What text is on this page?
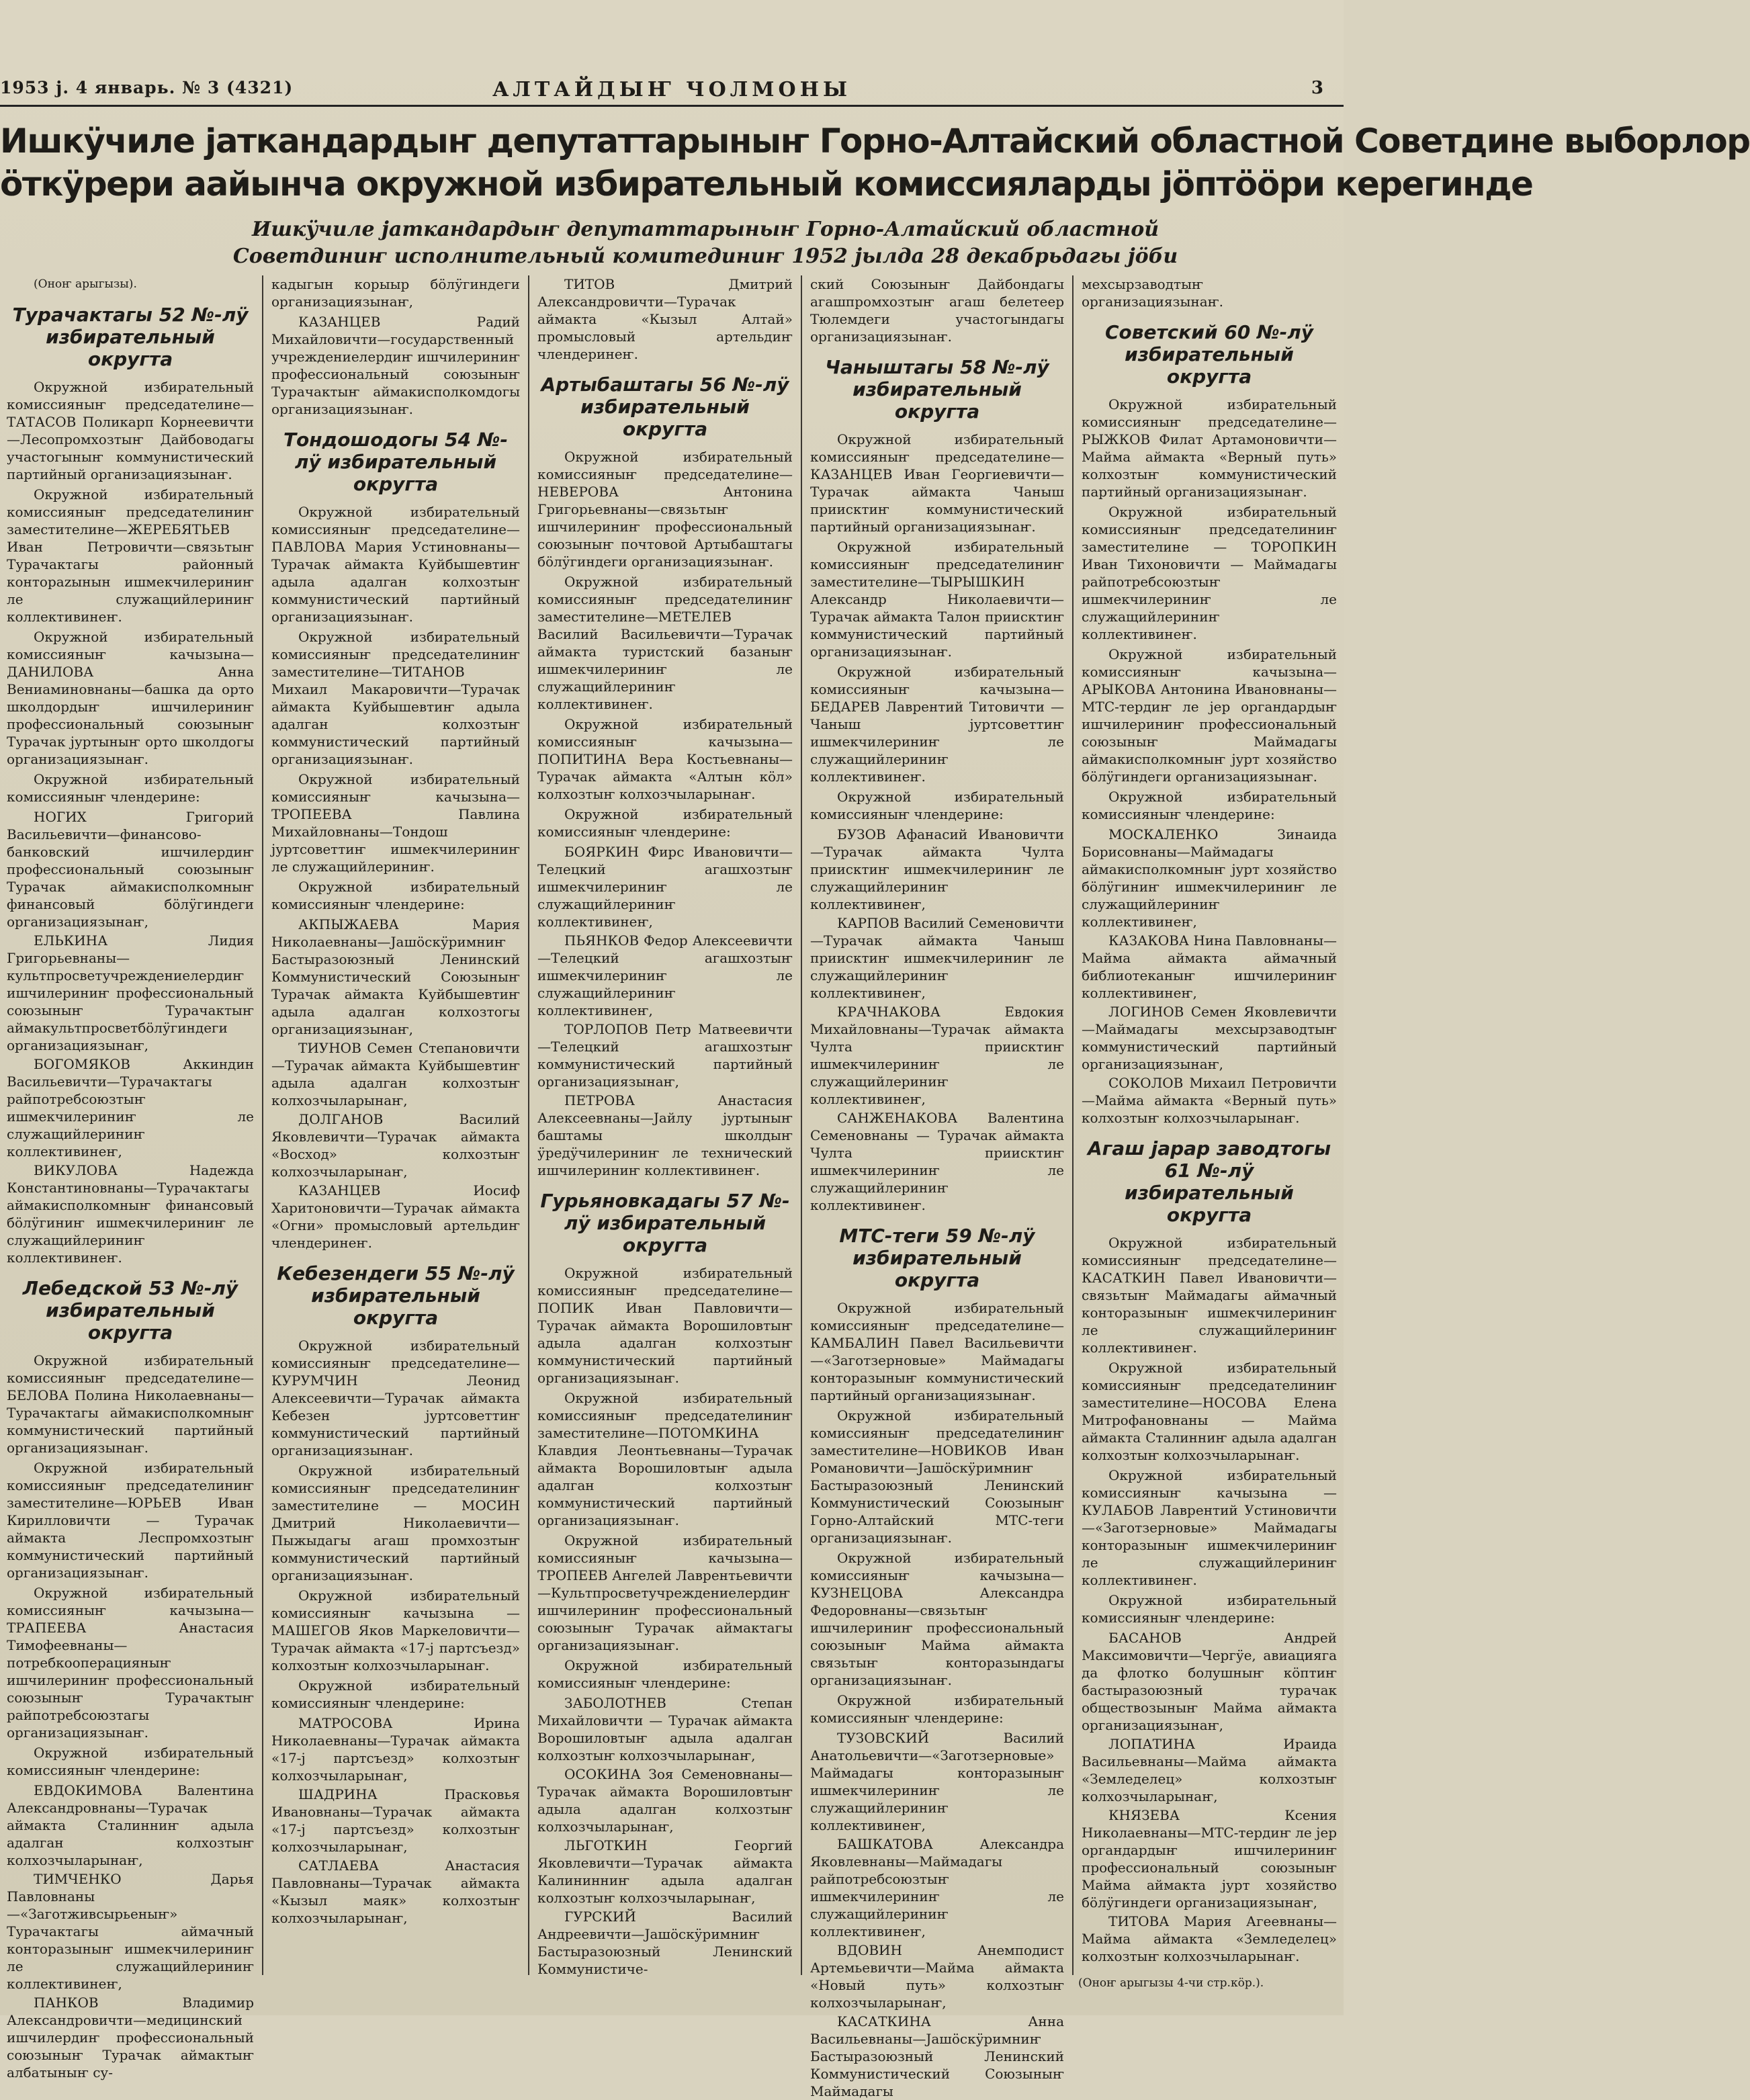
1953 ј. 4 январь. № 3 (4321)	АЛТАЙДЫҤ ЧОЛМОНЫ	3
Ишкӱчиле јаткандардыҥ депутаттарыныҥ Горно-Алтайский областной Советдине выборлор
ӧткӱрери аайынча окружной избирательный комиссияларды јӧптӧӧри керегинде
Ишкӱчиле јаткандардыҥ депутаттарыныҥ Горно-Алтайский областной Советдиниҥ исполнительный комитединиҥ 1952 јылда 28 декабрьдагы јӧби
(Оноҥ арыгызы).
Турачактагы 52 №-лӱ избирательный округта
Окружной избирательный комиссияныҥ председателине—ТАТАСОВ Поликарп Корнеевичти—Лесопромхозтыҥ Дайбоводагы участогыныҥ коммунистический партийный организациязынаҥ.
Окружной избирательный комиссияныҥ председателиниҥ заместителине—ЖЕРЕБЯТЬЕВ Иван Петровичти—связьтыҥ Турачактагы районный контораzынын ишмекчилериниҥ ле служащийлериниҥ коллективинеҥ.
Окружной избирательный комиссияныҥ качызына—ДАНИЛОВА Анна Вениаминовнаны—башка да орто школдордыҥ ишчилериниҥ профессиональный союзыныҥ Турачак јуртыныҥ орто школдогы организациязынаҥ.
Окружной избирательный комиссияныҥ члендерине:
НОГИХ Григорий Васильевичти—финансово-банковский ишчилердиҥ профессиональный союзыныҥ Турачак аймакисполкомныҥ финансовый бӧлӱгиндеги организациязынаҥ,
ЕЛЬКИНА Лидия Григорьевнаны—культпросветучреждениелердиҥ ишчилериниҥ профессиональный союзыныҥ Турачактыҥ аймакультпросветбӧлӱгиндеги организациязынаҥ,
БОГОМЯКОВ Аккиндин Васильевичти—Турачактагы райпотребсоюзтыҥ ишмекчилериниҥ ле служащийлериниҥ коллективинеҥ,
ВИКУЛОВА Надежда Константиновнаны—Турачактагы аймакисполкомныҥ финансовый бӧлӱгиниҥ ишмекчилериниҥ ле служащийлериниҥ коллективинеҥ.
Лебедской 53 №-лӱ избирательный округта
Окружной избирательный комиссияныҥ председателине—БЕЛОВА Полина Николаевнаны—Турачактагы аймакисполкомныҥ коммунистический партийный организациязынаҥ.
Окружной избирательный комиссияныҥ председателиниҥ заместителине—ЮРЬЕВ Иван Кирилловичти — Турачак аймакта Леспромхозтыҥ коммунистический партийный организациязынаҥ.
Окружной избирательный комиссияныҥ качызына—ТРАПЕЕВА Анастасия Тимофеевнаны—потребкооперацияныҥ ишчилериниҥ профессиональный союзыныҥ Турачактыҥ райпотребсоюзтагы организациязынаҥ.
Окружной избирательный комиссияныҥ члендерине:
ЕВДОКИМОВА Валентина Александровнаны—Турачак аймакта Сталинниҥ адыла адалган колхозтыҥ колхозчыларынаҥ,
ТИМЧЕНКО Дарья Павловнаны—«Заготживсырьеныҥ» Турачактагы аймачный конторазыныҥ ишмекчилериниҥ ле служащийлериниҥ коллективинеҥ,
ПАНКОВ Владимир Александровичти—медицинский ишчилердиҥ профессиональный союзыныҥ Турачак аймактыҥ албатыныҥ су-
кадыгын корыыр бӧлӱгиндеги организациязынаҥ,
КАЗАНЦЕВ Радий Михайловичти—государственный учреждениелердиҥ ишчилериниҥ профессиональный союзыныҥ Турачактыҥ аймакисполкомдогы организациязынаҥ.
Тондошодогы 54 №-лӱ избирательный округта
Окружной избирательный комиссияныҥ председателине—ПАВЛОВА Мария Устиновнаны—Турачак аймакта Куйбышевтиҥ адыла адалган колхозтыҥ коммунистический партийный организациязынаҥ.
Окружной избирательный комиссияныҥ председателиниҥ заместителине—ТИТАНОВ Михаил Макаровичти—Турачак аймакта Куйбышевтиҥ адыла адалган колхозтыҥ коммунистический партийный организациязынаҥ.
Окружной избирательный комиссияныҥ качызына—ТРОПЕЕВА Павлина Михайловнаны—Тондош јуртсоветтиҥ ишмекчилериниҥ ле служащийлериниҥ.
Окружной избирательный комиссияныҥ члендерине:
АКПЫЖАЕВА Мария Николаевнаны—Јашӧскӱримниҥ Бастыразоюзный Ленинский Коммунистический Союзыныҥ Турачак аймакта Куйбышевтиҥ адыла адалган колхозтогы организациязынаҥ,
ТИУНОВ Семен Степановичти—Турачак аймакта Куйбышевтиҥ адыла адалган колхозтыҥ колхозчыларынаҥ,
ДОЛГАНОВ Василий Яковлевичти—Турачак аймакта «Восход» колхозтыҥ колхозчыларынаҥ,
КАЗАНЦЕВ Иосиф Харитоновичти—Турачак аймакта «Огни» промысловый артельдиҥ члендеринеҥ.
Кебезендеги 55 №-лӱ избирательный округта
Окружной избирательный комиссияныҥ председателине—КУРУМЧИН Леонид Алексеевичти—Турачак аймакта Кебезен јуртсоветтиҥ коммунистический партийный организациязынаҥ.
Окружной избирательный комиссияныҥ председателиниҥ заместителине — МОСИН Дмитрий Николаевичти—Пыжыдагы агаш промхозтыҥ коммунистический партийный организациязынаҥ.
Окружной избирательный комиссияныҥ качызына — МАШЕГОВ Яков Маркеловичти—Турачак аймакта «17-ј партсъезд» колхозтыҥ колхозчыларынаҥ.
Окружной избирательный комиссияныҥ члендерине:
МАТРОСОВА Ирина Николаевнаны—Турачак аймакта «17-ј партсъезд» колхозтыҥ колхозчыларынаҥ,
ШАДРИНА Прасковья Ивановнаны—Турачак аймакта «17-ј партсъезд» колхозтыҥ колхозчыларынаҥ,
САТЛАЕВА Анастасия Павловнаны—Турачак аймакта «Кызыл маяк» колхозтыҥ колхозчыларынаҥ,
ТИТОВ Дмитрий Александровичти—Турачак аймакта «Кызыл Алтай» промысловый артельдиҥ члендеринеҥ.
Артыбаштагы 56 №-лӱ избирательный округта
Окружной избирательный комиссияныҥ председателине—НЕВЕРОВА Антонина Григорьевнаны—связьтыҥ ишчилериниҥ профессиональный союзыныҥ почтовой Артыбаштагы бӧлӱгиндеги организациязынаҥ.
Окружной избирательный комиссияныҥ председателиниҥ заместителине—МЕТЕЛЕВ Василий Васильевичти—Турачак аймакта туристский базаныҥ ишмекчилериниҥ ле служащийлериниҥ коллективинеҥ.
Окружной избирательный комиссияныҥ качызына—ПОПИТИНА Вера Костьевнаны—Турачак аймакта «Алтын кӧл» колхозтыҥ колхозчыларынаҥ.
Окружной избирательный комиссияныҥ члендерине:
БОЯРКИН Фирс Ивановичти—Телецкий агашхозтыҥ ишмекчилериниҥ ле служащийлериниҥ коллективинеҥ,
ПЬЯНКОВ Федор Алексеевичти—Телецкий агашхозтыҥ ишмекчилериниҥ ле служащийлериниҥ коллективинеҥ,
ТОРЛОПОВ Петр Матвеевичти—Телецкий агашхозтыҥ коммунистический партийный организациязынаҥ,
ПЕТРОВА Анастасия Алексеевнаны—Јайлу јуртыныҥ баштамы школдыҥ ӱредӱчилериниҥ ле технический ишчилериниҥ коллективинеҥ.
Гурьяновкадагы 57 №-лӱ избирательный округта
Окружной избирательный комиссияныҥ председателине— ПОПИК Иван Павловичти—Турачак аймакта Ворошиловтыҥ адыла адалган колхозтыҥ коммунистический партийный организациязынаҥ.
Окружной избирательный комиссияныҥ председателиниҥ заместителине—ПОТОМКИНА Клавдия Леонтьевнаны—Турачак аймакта Ворошиловтыҥ адыла адалган колхозтыҥ коммунистический партийный организациязынаҥ.
Окружной избирательный комиссияныҥ качызына—ТРОПЕЕВ Ангелей Лаврентьевичти—Культпросветучреждениелердиҥ ишчилериниҥ профессиональный союзыныҥ Турачак аймактагы организациязынаҥ.
Окружной избирательный комиссияныҥ члендерине:
ЗАБОЛОТНЕВ Степан Михайловичти — Турачак аймакта Ворошиловтыҥ адыла адалган колхозтыҥ колхозчыларынаҥ,
ОСОКИНА Зоя Семеновнаны—Турачак аймакта Ворошиловтыҥ адыла адалган колхозтыҥ колхозчыларынаҥ,
ЛЬГОТКИН Георгий Яковлевичти—Турачак аймакта Калининниҥ адыла адалган колхозтыҥ колхозчыларынаҥ,
ГУРСКИЙ Василий Андреевичти—Јашӧскӱримниҥ Бастыразоюзный Ленинский Коммунистиче-
ский Союзыныҥ Дайбондагы агашпромхозтыҥ агаш белетеер Тюлемдеги участогындагы организациязынаҥ.
Чаныштагы 58 №-лӱ избирательный округта
Окружной избирательный комиссияныҥ председателине— КАЗАНЦЕВ Иван Георгиевичти—Турачак аймакта Чаныш приисктиҥ коммунистический партийный организациязынаҥ.
Окружной избирательный комиссияныҥ председателиниҥ заместителине—ТЫРЫШКИН Александр Николаевичти—Турачак аймакта Талон приисктиҥ коммунистический партийный организациязынаҥ.
Окружной избирательный комиссияныҥ качызына—БЕДАРЕВ Лаврентий Титовичти — Чаныш јуртсоветтиҥ ишмекчилериниҥ ле служащийлериниҥ коллективинеҥ.
Окружной избирательный комиссияныҥ члендерине:
БУЗОВ Афанасий Ивановичти—Турачак аймакта Чулта приисктиҥ ишмекчилериниҥ ле служащийлериниҥ коллективинеҥ,
КАРПОВ Василий Семеновичти—Турачак аймакта Чаныш приисктиҥ ишмекчилериниҥ ле служащийлериниҥ коллективинеҥ,
КРАЧНАКОВА Евдокия Михайловнаны—Турачак аймакта Чулта приисктиҥ ишмекчилериниҥ ле служащийлериниҥ коллективинеҥ,
САНЖЕНАКОВА Валентина Семеновнаны — Турачак аймакта Чулта приисктиҥ ишмекчилериниҥ ле служащийлериниҥ коллективинеҥ.
МТС-теги 59 №-лӱ избирательный округта
Окружной избирательный комиссияныҥ председателине—КАМБАЛИН Павел Васильевичти—«Заготзерновые» Маймадагы конторазыныҥ коммунистический партийный организациязынаҥ.
Окружной избирательный комиссияныҥ председателиниҥ заместителине—НОВИКОВ Иван Романовичти—Јашӧскӱримниҥ Бастыразоюзный Ленинский Коммунистический Союзыныҥ Горно-Алтайский МТС-теги организациязынаҥ.
Окружной избирательный комиссияныҥ качызына—КУЗНЕЦОВА Александра Федоровнаны—связьтыҥ ишчилериниҥ профессиональный союзыныҥ Майма аймакта связьтыҥ конторазындагы организациязынаҥ.
Окружной избирательный комиссияныҥ члендерине:
ТУЗОВСКИЙ Василий Анатольевичти—«Заготзерновые» Маймадагы конторазыныҥ ишмекчилериниҥ ле служащийлериниҥ коллективинеҥ,
БАШКАТОВА Александра Яковлевнаны—Маймадагы райпотребсоюзтыҥ ишмекчилериниҥ ле служащийлериниҥ коллективинеҥ,
ВДОВИН Анемподист Артемьевичти—Майма аймакта «Новый путь» колхозтыҥ колхозчыларынаҥ,
КАСАТКИНА Анна Васильевнаны—Јашӧскӱримниҥ Бастыразоюзный Ленинский Коммунистический Союзыныҥ Маймадагы
мехсырзаводтыҥ организациязынаҥ.
Советский 60 №-лӱ избирательный округта
Окружной избирательный комиссияныҥ председателине—РЫЖКОВ Филат Артамоновичти—Майма аймакта «Верный путь» колхозтыҥ коммунистический партийный организациязынаҥ.
Окружной избирательный комиссияныҥ председателиниҥ заместителине — ТОРОПКИН Иван Тихоновичти — Маймадагы райпотребсоюзтыҥ ишмекчилериниҥ ле служащийлериниҥ коллективинеҥ.
Окружной избирательный комиссияныҥ качызына—АРЫКОВА Антонина Ивановнаны—МТС-тердиҥ ле јер органдардыҥ ишчилериниҥ профессиональный союзыныҥ Маймадагы аймакисполкомныҥ јурт хозяйство бӧлӱгиндеги организациязынаҥ.
Окружной избирательный комиссияныҥ члендерине:
МОСКАЛЕНКО Зинаида Борисовнаны—Маймадагы аймакисполкомныҥ јурт хозяйство бӧлӱгиниҥ ишмекчилериниҥ ле служащийлериниҥ коллективинеҥ,
КАЗАКОВА Нина Павловнаны—Майма аймакта аймачный библиотеканыҥ ишчилериниҥ коллективинеҥ,
ЛОГИНОВ Семен Яковлевичти—Маймадагы мехсырзаводтыҥ коммунистический партийный организациязынаҥ,
СОКОЛОВ Михаил Петровичти—Майма аймакта «Верный путь» колхозтыҥ колхозчыларынаҥ.
Агаш јарар заводтогы 61 №-лӱ избирательный округта
Окружной избирательный комиссияныҥ председателине—КАСАТКИН Павел Ивановичти—связьтыҥ Маймадагы аймачный конторазыныҥ ишмекчилериниҥ ле служащийлериниҥ коллективинеҥ.
Окружной избирательный комиссияныҥ председателиниҥ заместителине—НОСОВА Елена Митрофановнаны — Майма аймакта Сталинниҥ адыла адалган колхозтыҥ колхозчыларынаҥ.
Окружной избирательный комиссияныҥ качызына — КУЛАБОВ Лаврентий Устиновичти—«Заготзерновые» Маймадагы конторазыныҥ ишмекчилериниҥ ле служащийлериниҥ коллективинеҥ.
Окружной избирательный комиссияныҥ члендерине:
БАСАНОВ Андрей Максимовичти—Чергӱе, авиацияга да флотко болушныҥ кӧптиҥ бастыразоюзный турачак обществозыныҥ Майма аймакта организациязынаҥ,
ЛОПАТИНА Ираида Васильевнаны—Майма аймакта «Земледелец» колхозтыҥ колхозчыларынаҥ,
КНЯЗЕВА Ксения Николаевнаны—МТС-тердиҥ ле јер органдардыҥ ишчилериниҥ профессиональный союзыныҥ Майма аймакта јурт хозяйство бӧлӱгиндеги организациязынаҥ,
ТИТОВА Мария Агеевнаны—Майма аймакта «Земледелец» колхозтыҥ колхозчыларынаҥ.
(Оноҥ арыгызы 4-чи стр.кӧр.).
